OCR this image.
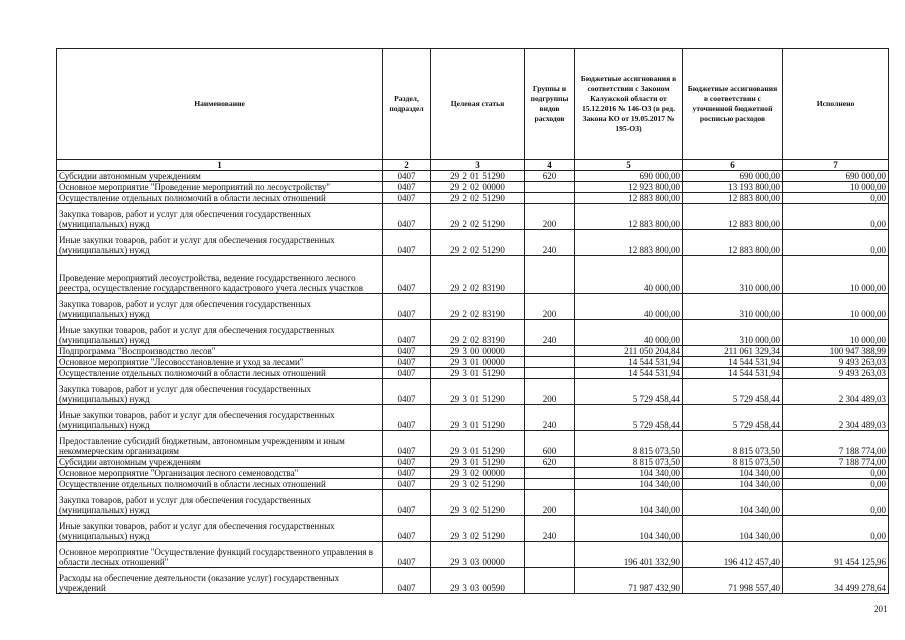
Наименование	Раздел, подраздел	Целевая статья	Группы и подгруппы видов расходов	Бюджетные ассигнования в соответствии с Законом Калужской области от 15.12.2016 № 146-ОЗ (в ред. Закона КО от 19.05.2017 № 195-ОЗ)	Бюджетные ассигнования в соответствии с уточненной бюджетной росписью расходов	Исполнено
1	2	3	4	5	6	7
Субсидии автономным учреждениям	0407	29 2 01 51290	620	690 000,00	690 000,00	690 000,00
Основное мероприятие "Проведение мероприятий по лесоустройству"	0407	29 2 02 00000		12 923 800,00	13 193 800,00	10 000,00
Осуществление отдельных полномочий в области лесных отношений	0407	29 2 02 51290		12 883 800,00	12 883 800,00	0,00
Закупка товаров, работ и услуг для обеспечения государственных (муниципальных) нужд	0407	29 2 02 51290	200	12 883 800,00	12 883 800,00	0,00
Иные закупки товаров, работ и услуг для обеспечения государственных (муниципальных) нужд	0407	29 2 02 51290	240	12 883 800,00	12 883 800,00	0,00
Проведение мероприятий лесоустройства, ведение государственного лесного реестра, осуществление государственного кадастрового учета лесных участков	0407	29 2 02 83190		40 000,00	310 000,00	10 000,00
Закупка товаров, работ и услуг для обеспечения государственных (муниципальных) нужд	0407	29 2 02 83190	200	40 000,00	310 000,00	10 000,00
Иные закупки товаров, работ и услуг для обеспечения государственных (муниципальных) нужд	0407	29 2 02 83190	240	40 000,00	310 000,00	10 000,00
Подпрограмма "Воспроизводство лесов"	0407	29 3 00 00000		211 050 204,84	211 061 329,34	100 947 388,99
Основное мероприятие "Лесовосстановление и уход за лесами"	0407	29 3 01 00000		14 544 531,94	14 544 531,94	9 493 263,03
Осуществление отдельных полномочий в области лесных отношений	0407	29 3 01 51290		14 544 531,94	14 544 531,94	9 493 263,03
Закупка товаров, работ и услуг для обеспечения государственных (муниципальных) нужд	0407	29 3 01 51290	200	5 729 458,44	5 729 458,44	2 304 489,03
Иные закупки товаров, работ и услуг для обеспечения государственных (муниципальных) нужд	0407	29 3 01 51290	240	5 729 458,44	5 729 458,44	2 304 489,03
Предоставление субсидий бюджетным, автономным учреждениям и иным некоммерческим организациям	0407	29 3 01 51290	600	8 815 073,50	8 815 073,50	7 188 774,00
Субсидии автономным учреждениям	0407	29 3 01 51290	620	8 815 073,50	8 815 073,50	7 188 774,00
Основное мероприятие "Организация лесного семеноводства"	0407	29 3 02 00000		104 340,00	104 340,00	0,00
Осуществление отдельных полномочий в области лесных отношений	0407	29 3 02 51290		104 340,00	104 340,00	0,00
Закупка товаров, работ и услуг для обеспечения государственных (муниципальных) нужд	0407	29 3 02 51290	200	104 340,00	104 340,00	0,00
Иные закупки товаров, работ и услуг для обеспечения государственных (муниципальных) нужд	0407	29 3 02 51290	240	104 340,00	104 340,00	0,00
Основное мероприятие "Осуществление функций государственного управления в области лесных отношений"	0407	29 3 03 00000		196 401 332,90	196 412 457,40	91 454 125,96
Расходы на обеспечение деятельности (оказание услуг) государственных учреждений	0407	29 3 03 00590		71 987 432,90	71 998 557,40	34 499 278,64
201
